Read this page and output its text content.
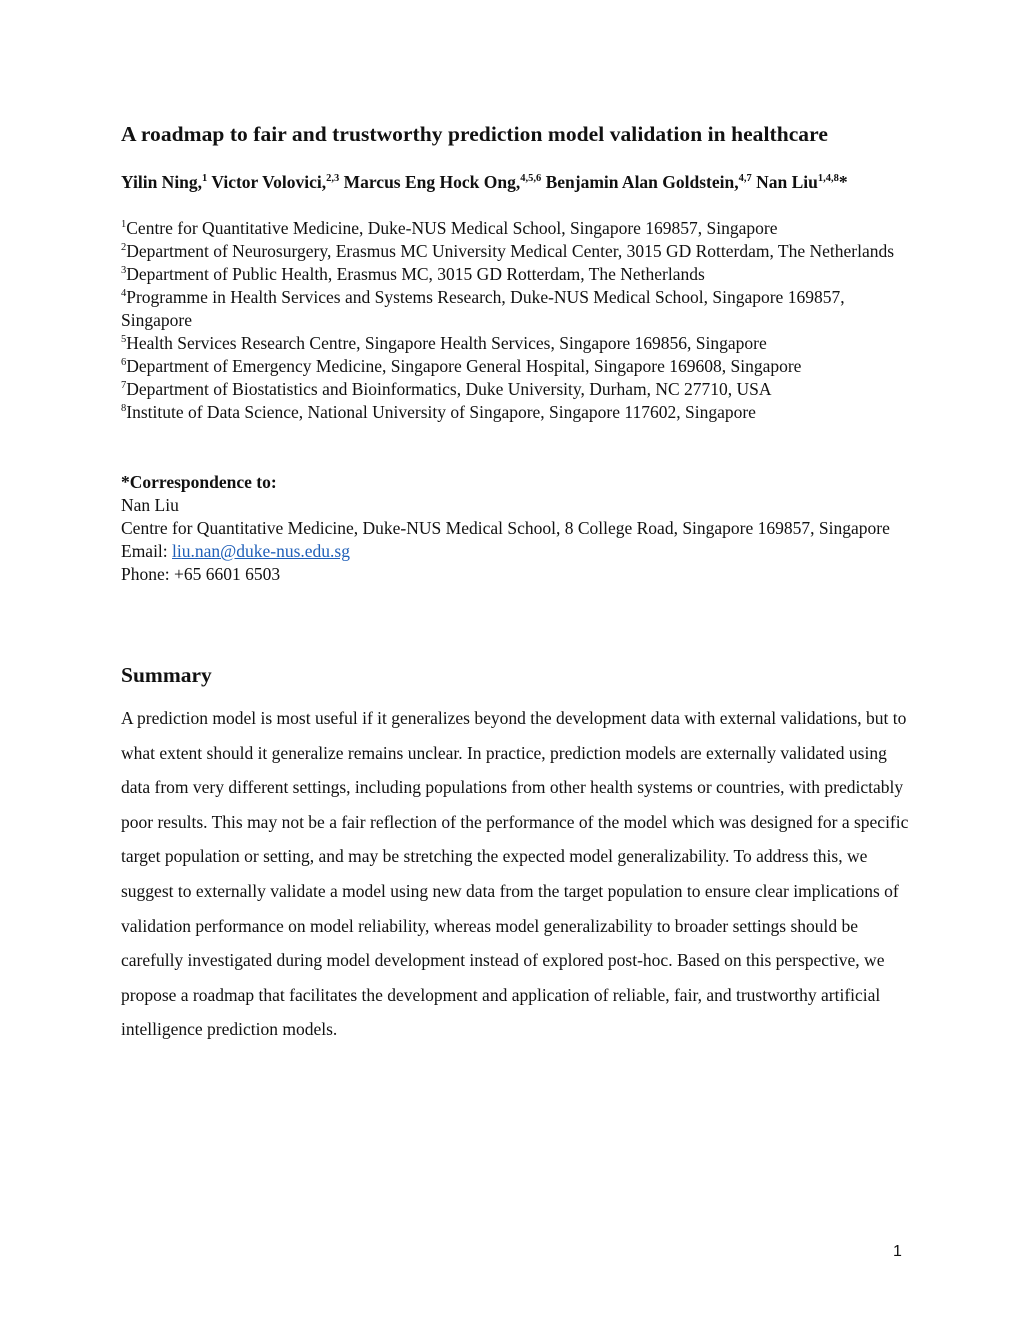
A roadmap to fair and trustworthy prediction model validation in healthcare
Yilin Ning,$^1$ Victor Volovici,$^{2,3}$ Marcus Eng Hock Ong,$^{4,5,6}$ Benjamin Alan Goldstein,$^{4,7}$ Nan Liu$^{1,4,8}$*
$^1$Centre for Quantitative Medicine, Duke-NUS Medical School, Singapore 169857, Singapore
$^2$Department of Neurosurgery, Erasmus MC University Medical Center, 3015 GD Rotterdam, The Netherlands
$^3$Department of Public Health, Erasmus MC, 3015 GD Rotterdam, The Netherlands
$^4$Programme in Health Services and Systems Research, Duke-NUS Medical School, Singapore 169857, Singapore
$^5$Health Services Research Centre, Singapore Health Services, Singapore 169856, Singapore
$^6$Department of Emergency Medicine, Singapore General Hospital, Singapore 169608, Singapore
$^7$Department of Biostatistics and Bioinformatics, Duke University, Durham, NC 27710, USA
$^8$Institute of Data Science, National University of Singapore, Singapore 117602, Singapore
*Correspondence to:
Nan Liu
Centre for Quantitative Medicine, Duke-NUS Medical School, 8 College Road, Singapore 169857, Singapore
Email: liu.nan@duke-nus.edu.sg
Phone: +65 6601 6503
Summary

A prediction model is most useful if it generalizes beyond the development data with external validations, but to what extent should it generalize remains unclear. In practice, prediction models are externally validated using data from very different settings, including populations from other health systems or countries, with predictably poor results. This may not be a fair reflection of the performance of the model which was designed for a specific target population or setting, and may be stretching the expected model generalizability. To address this, we suggest to externally validate a model using new data from the target population to ensure clear implications of validation performance on model reliability, whereas model generalizability to broader settings should be carefully investigated during model development instead of explored post-hoc. Based on this perspective, we propose a roadmap that facilitates the development and application of reliable, fair, and trustworthy artificial intelligence prediction models.

1
